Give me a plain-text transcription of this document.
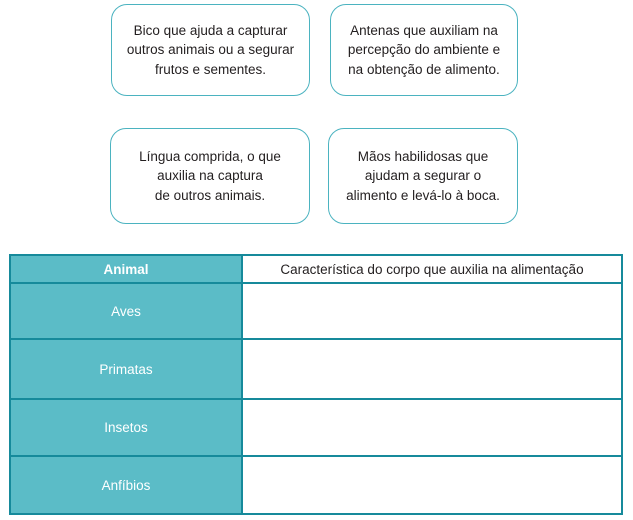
Bico que ajuda a capturar
outros animais ou a segurar
frutos e sementes.
Antenas que auxiliam na
percepção do ambiente e
na obtenção de alimento.
Língua comprida, o que
auxilia na captura
de outros animais.
Mãos habilidosas que
ajudam a segurar o
alimento e levá-lo à boca.
Animal	Característica do corpo que auxilia na alimentação
Aves
Primatas
Insetos
Anfíbios
